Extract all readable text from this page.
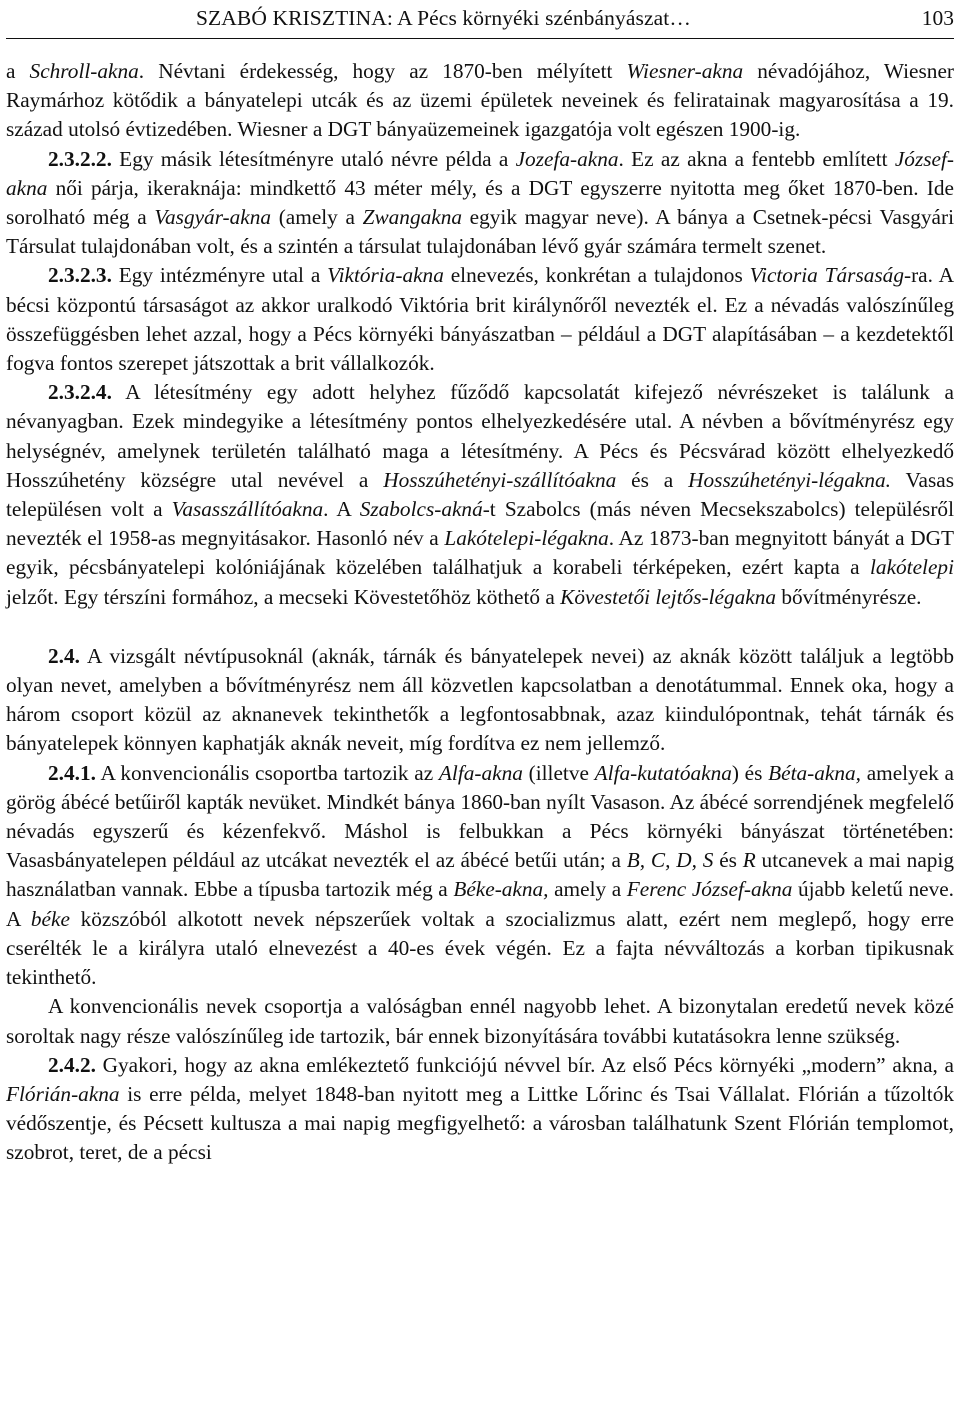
SZABÓ KRISZTINA: A Pécs környéki szénbányászat…	103

a Schroll-akna. Névtani érdekesség, hogy az 1870-ben mélyített Wiesner-akna névadójához, Wiesner Raymárhoz kötődik a bányatelepi utcák és az üzemi épületek neveinek és feliratainak magyarosítása a 19. század utolsó évtizedében. Wiesner a DGT bányaüzemeinek igazgatója volt egészen 1900-ig.

2.3.2.2. Egy másik létesítményre utaló névre példa a Jozefa-akna. Ez az akna a fentebb említett József-akna női párja, ikeraknája: mindkettő 43 méter mély, és a DGT egyszerre nyitotta meg őket 1870-ben. Ide sorolható még a Vasgyár-akna (amely a Zwangakna egyik magyar neve). A bánya a Csetnek-pécsi Vasgyári Társulat tulajdonában volt, és a szintén a társulat tulajdonában lévő gyár számára termelt szenet.

2.3.2.3. Egy intézményre utal a Viktória-akna elnevezés, konkrétan a tulajdonos Victoria Társaság-ra. A bécsi központú társaságot az akkor uralkodó Viktória brit királynőről nevezték el. Ez a névadás valószínűleg összefüggésben lehet azzal, hogy a Pécs környéki bányászatban – például a DGT alapításában – a kezdetektől fogva fontos szerepet játszottak a brit vállalkozók.

2.3.2.4. A létesítmény egy adott helyhez fűződő kapcsolatát kifejező névrészeket is találunk a névanyagban. Ezek mindegyike a létesítmény pontos elhelyezkedésére utal. A névben a bővítményrész egy helységnév, amelynek területén található maga a létesítmény. A Pécs és Pécsvárad között elhelyezkedő Hosszúhetény községre utal nevével a Hosszúhetényi-szállítóakna és a Hosszúhetényi-légakna. Vasas településen volt a Vasasszállítóakna. A Szabolcs-akná-t Szabolcs (más néven Mecsekszabolcs) településről nevezték el 1958-as megnyitásakor. Hasonló név a Lakótelepi-légakna. Az 1873-ban megnyitott bányát a DGT egyik, pécsbányatelepi kolóniájának közelében találhatjuk a korabeli térképeken, ezért kapta a lakótelepi jelzőt. Egy térszíni formához, a mecseki Kövestetőhöz köthető a Kövestetői lejtős-légakna bővítményrésze.

2.4. A vizsgált névtípusoknál (aknák, tárnák és bányatelepek nevei) az aknák között találjuk a legtöbb olyan nevet, amelyben a bővítményrész nem áll közvetlen kapcsolatban a denotátummal. Ennek oka, hogy a három csoport közül az aknanevek tekinthetők a legfontosabbnak, azaz kiindulópontnak, tehát tárnák és bányatelepek könnyen kaphatják aknák neveit, míg fordítva ez nem jellemző.

2.4.1. A konvencionális csoportba tartozik az Alfa-akna (illetve Alfa-kutatóakna) és Béta-akna, amelyek a görög ábécé betűiről kapták nevüket. Mindkét bánya 1860-ban nyílt Vasason. Az ábécé sorrendjének megfelelő névadás egyszerű és kézenfekvő. Máshol is felbukkan a Pécs környéki bányászat történetében: Vasasbányatelepen például az utcákat nevezték el az ábécé betűi után; a B, C, D, S és R utcanevek a mai napig használatban vannak. Ebbe a típusba tartozik még a Béke-akna, amely a Ferenc József-akna újabb keletű neve. A béke közszóból alkotott nevek népszerűek voltak a szocializmus alatt, ezért nem meglepő, hogy erre cserélték le a királyra utaló elnevezést a 40-es évek végén. Ez a fajta névváltozás a korban tipikusnak tekinthető.

A konvencionális nevek csoportja a valóságban ennél nagyobb lehet. A bizonytalan eredetű nevek közé soroltak nagy része valószínűleg ide tartozik, bár ennek bizonyítására további kutatásokra lenne szükség.

2.4.2. Gyakori, hogy az akna emlékeztető funkciójú névvel bír. Az első Pécs környéki „modern” akna, a Flórián-akna is erre példa, melyet 1848-ban nyitott meg a Littke Lőrinc és Tsai Vállalat. Flórián a tűzoltók védőszentje, és Pécsett kultusza a mai napig megfigyelhető: a városban találhatunk Szent Flórián templomot, szobrot, teret, de a pécsi
